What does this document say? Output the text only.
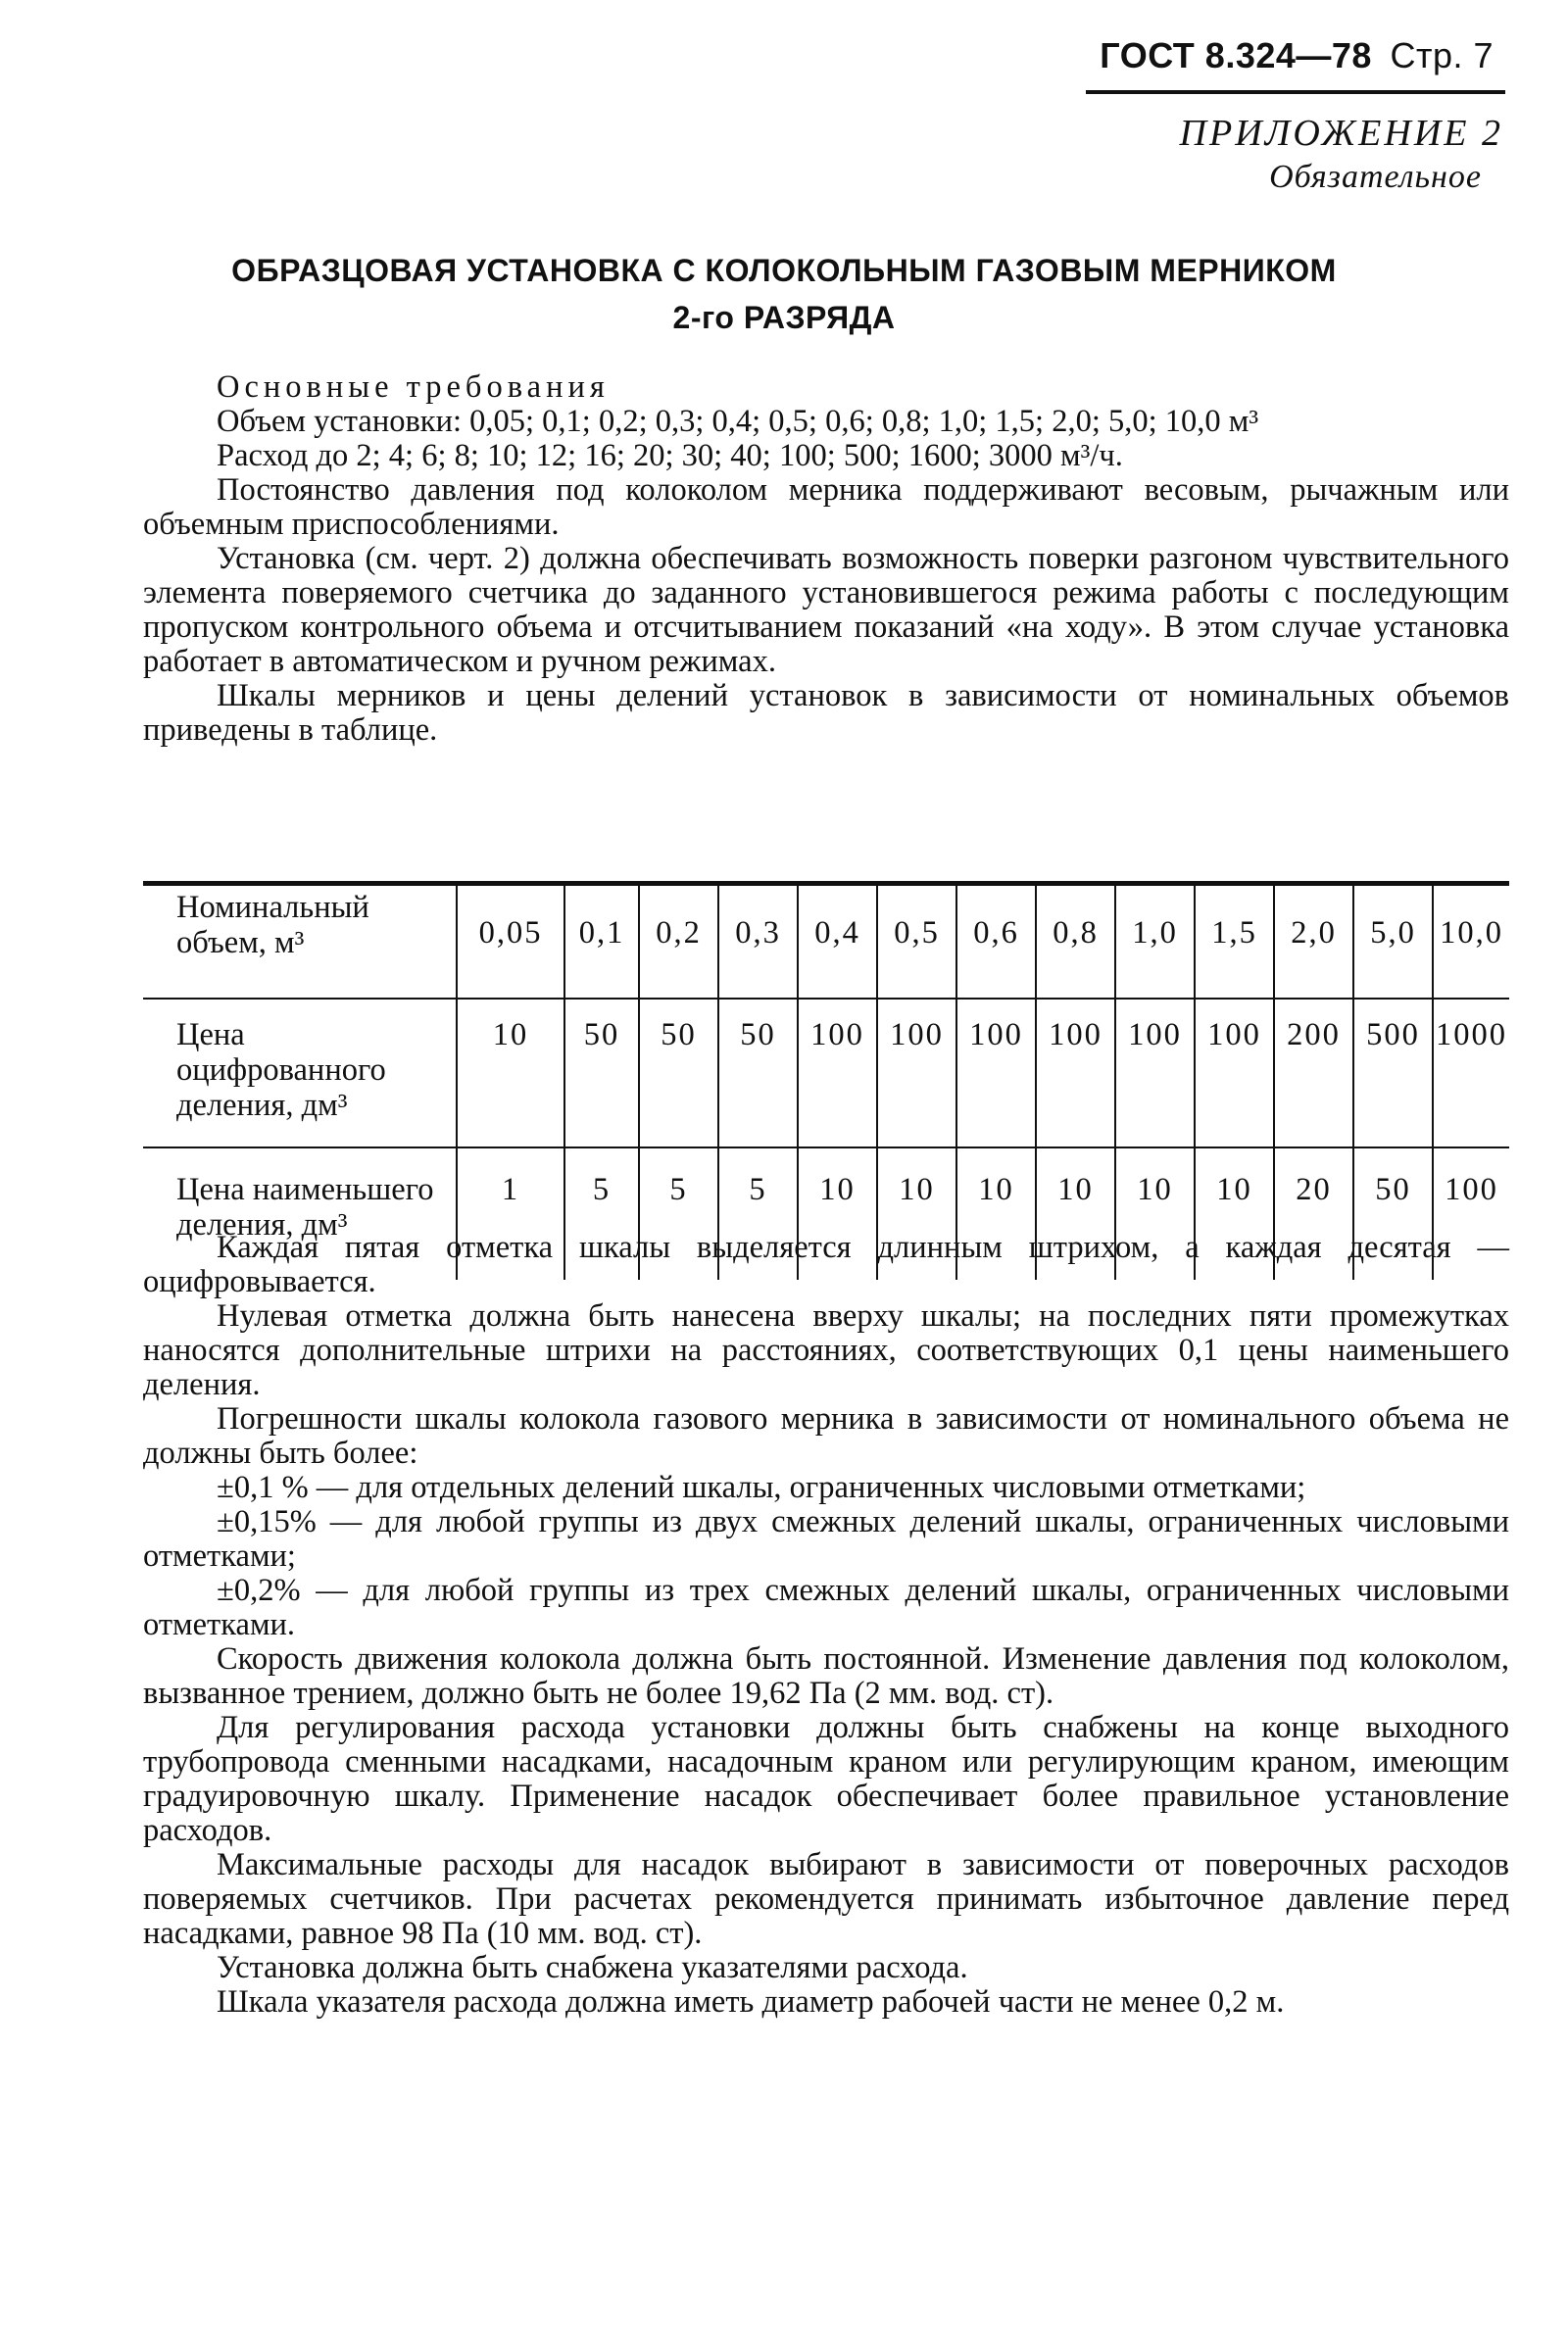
ГОСТ 8.324—78 Стр. 7
ПРИЛОЖЕНИЕ 2
Обязательное
ОБРАЗЦОВАЯ УСТАНОВКА С КОЛОКОЛЬНЫМ ГАЗОВЫМ МЕРНИКОМ
2-го РАЗРЯДА

Основные требования

Объем установки: 0,05; 0,1; 0,2; 0,3; 0,4; 0,5; 0,6; 0,8; 1,0; 1,5; 2,0; 5,0; 10,0 м³

Расход до 2; 4; 6; 8; 10; 12; 16; 20; 30; 40; 100; 500; 1600; 3000 м³/ч.

Постоянство давления под колоколом мерника поддерживают весовым, рычажным или объемным приспособлениями.

Установка (см. черт. 2) должна обеспечивать возможность поверки разгоном чувствительного элемента поверяемого счетчика до заданного установившегося режима работы с последующим пропуском контрольного объема и отсчитыванием показаний «на ходу». В этом случае установка работает в автоматическом и ручном режимах.

Шкалы мерников и цены делений установок в зависимости от номинальных объемов приведены в таблице.

Номинальный объем, м³	0,05	0,1	0,2	0,3	0,4	0,5	0,6	0,8	1,0	1,5	2,0	5,0	10,0
Цена оцифрованного деления, дм³	10	50	50	50	100	100	100	100	100	100	200	500	1000
Цена наименьшего деления, дм³	1	5	5	5	10	10	10	10	10	10	20	50	100

Каждая пятая отметка шкалы выделяется длинным штрихом, а каждая десятая — оцифровывается.

Нулевая отметка должна быть нанесена вверху шкалы; на последних пяти промежутках наносятся дополнительные штрихи на расстояниях, соответствующих 0,1 цены наименьшего деления.

Погрешности шкалы колокола газового мерника в зависимости от номинального объема не должны быть более:

±0,1 % — для отдельных делений шкалы, ограниченных числовыми отметками;

±0,15% — для любой группы из двух смежных делений шкалы, ограниченных числовыми отметками;

±0,2% — для любой группы из трех смежных делений шкалы, ограниченных числовыми отметками.

Скорость движения колокола должна быть постоянной. Изменение давления под колоколом, вызванное трением, должно быть не более 19,62 Па (2 мм. вод. ст).

Для регулирования расхода установки должны быть снабжены на конце выходного трубопровода сменными насадками, насадочным краном или регулирующим краном, имеющим градуировочную шкалу. Применение насадок обеспечивает более правильное установление расходов.

Максимальные расходы для насадок выбирают в зависимости от поверочных расходов поверяемых счетчиков. При расчетах рекомендуется принимать избыточное давление перед насадками, равное 98 Па (10 мм. вод. ст).

Установка должна быть снабжена указателями расхода.

Шкала указателя расхода должна иметь диаметр рабочей части не менее 0,2 м.
